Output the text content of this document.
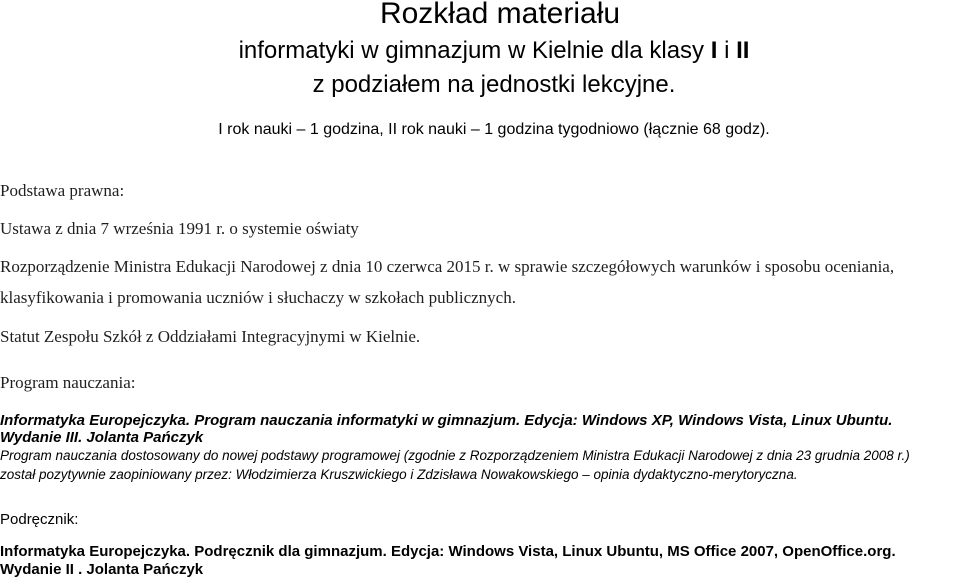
Rozkład materiału
informatyki w gimnazjum w Kielnie dla klasy I i II
z podziałem na jednostki lekcyjne.
I rok nauki – 1 godzina, II rok nauki – 1 godzina tygodniowo (łącznie 68 godz).
Podstawa prawna:
Ustawa z dnia 7 września 1991 r. o systemie oświaty
Rozporządzenie Ministra Edukacji Narodowej z dnia 10 czerwca 2015 r. w sprawie szczegółowych warunków i sposobu oceniania,
klasyfikowania i promowania uczniów i słuchaczy w szkołach publicznych.
Statut Zespołu Szkół z Oddziałami Integracyjnymi w Kielnie.
Program nauczania:
Informatyka Europejczyka. Program nauczania informatyki w gimnazjum. Edycja: Windows XP, Windows Vista, Linux Ubuntu.
Wydanie III. Jolanta Pańczyk
Program nauczania dostosowany do nowej podstawy programowej (zgodnie z Rozporządzeniem Ministra Edukacji Narodowej z dnia 23 grudnia 2008 r.)
został pozytywnie zaopiniowany przez: Włodzimierza Kruszwickiego i Zdzisława Nowakowskiego – opinia dydaktyczno-merytoryczna.
Podręcznik:
Informatyka Europejczyka. Podręcznik dla gimnazjum. Edycja: Windows Vista, Linux Ubuntu, MS Office 2007, OpenOffice.org.
Wydanie II . Jolanta Pańczyk
